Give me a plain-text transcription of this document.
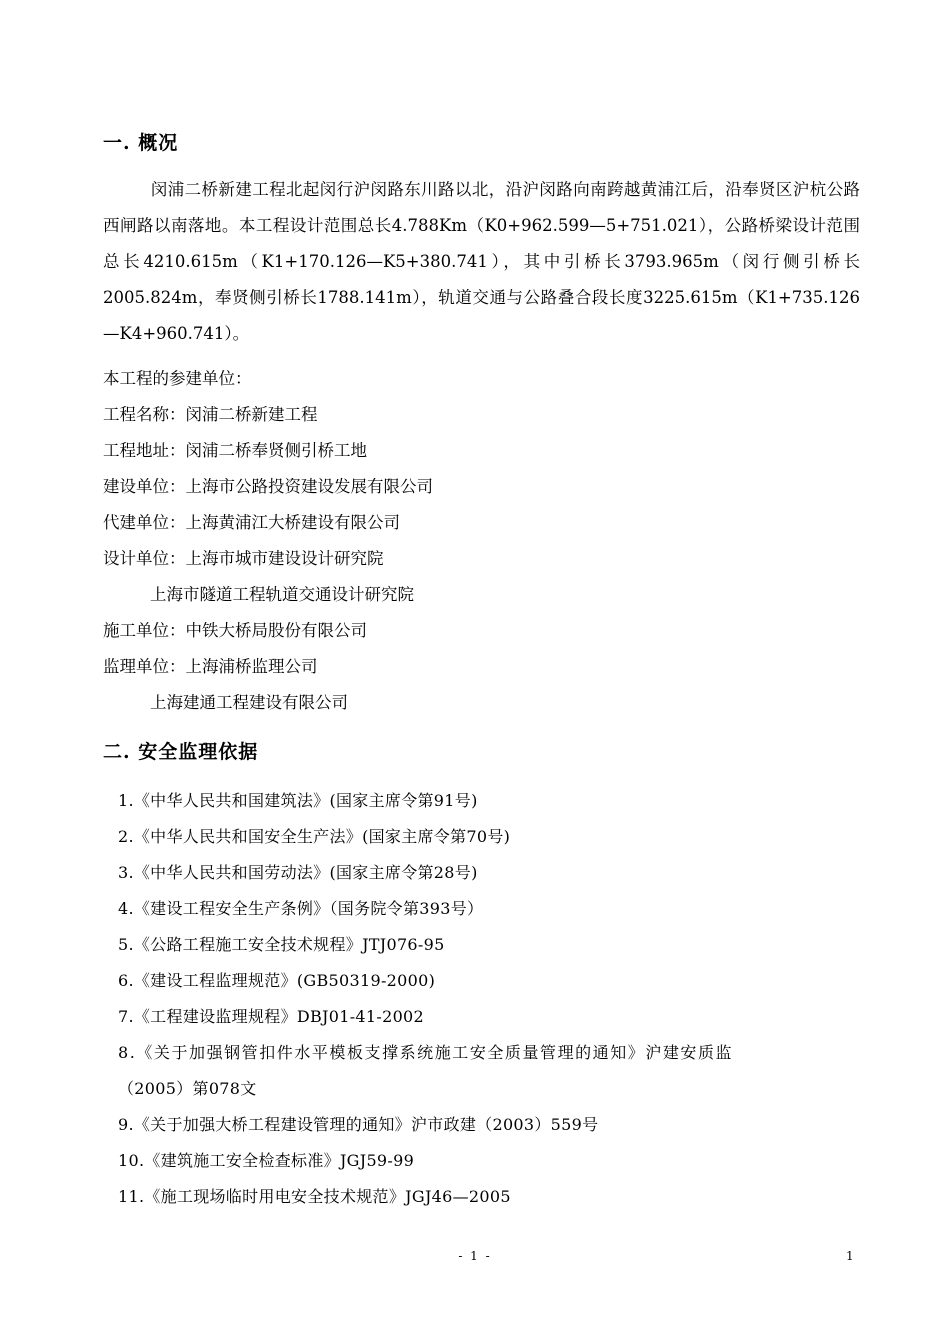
一. 概况
闵浦二桥新建工程北起闵行沪闵路东川路以北，沿沪闵路向南跨越黄浦江后，沿奉贤区沪杭公路西闸路以南落地。本工程设计范围总长4.788Km（K0+962.599—5+751.021），公路桥梁设计范围总长4210.615m（K1+170.126—K5+380.741），其中引桥长3793.965m（闵行侧引桥长2005.824m，奉贤侧引桥长1788.141m），轨道交通与公路叠合段长度3225.615m（K1+735.126—K4+960.741）。
本工程的参建单位：
工程名称：闵浦二桥新建工程
工程地址：闵浦二桥奉贤侧引桥工地
建设单位：上海市公路投资建设发展有限公司
代建单位：上海黄浦江大桥建设有限公司
设计单位：上海市城市建设设计研究院
上海市隧道工程轨道交通设计研究院
施工单位：中铁大桥局股份有限公司
监理单位：上海浦桥监理公司
上海建通工程建设有限公司
二. 安全监理依据
1.《中华人民共和国建筑法》(国家主席令第91号)
2.《中华人民共和国安全生产法》(国家主席令第70号)
3.《中华人民共和国劳动法》(国家主席令第28号)
4.《建设工程安全生产条例》（国务院令第393号）
5.《公路工程施工安全技术规程》JTJ076-95
6.《建设工程监理规范》(GB50319-2000)
7.《工程建设监理规程》DBJ01-41-2002
8.《关于加强钢管扣件水平模板支撑系统施工安全质量管理的通知》沪建安质监
（2005）第078文
9.《关于加强大桥工程建设管理的通知》沪市政建（2003）559号
10.《建筑施工安全检查标准》JGJ59-99
11.《施工现场临时用电安全技术规范》JGJ46—2005
- 1 -	1
